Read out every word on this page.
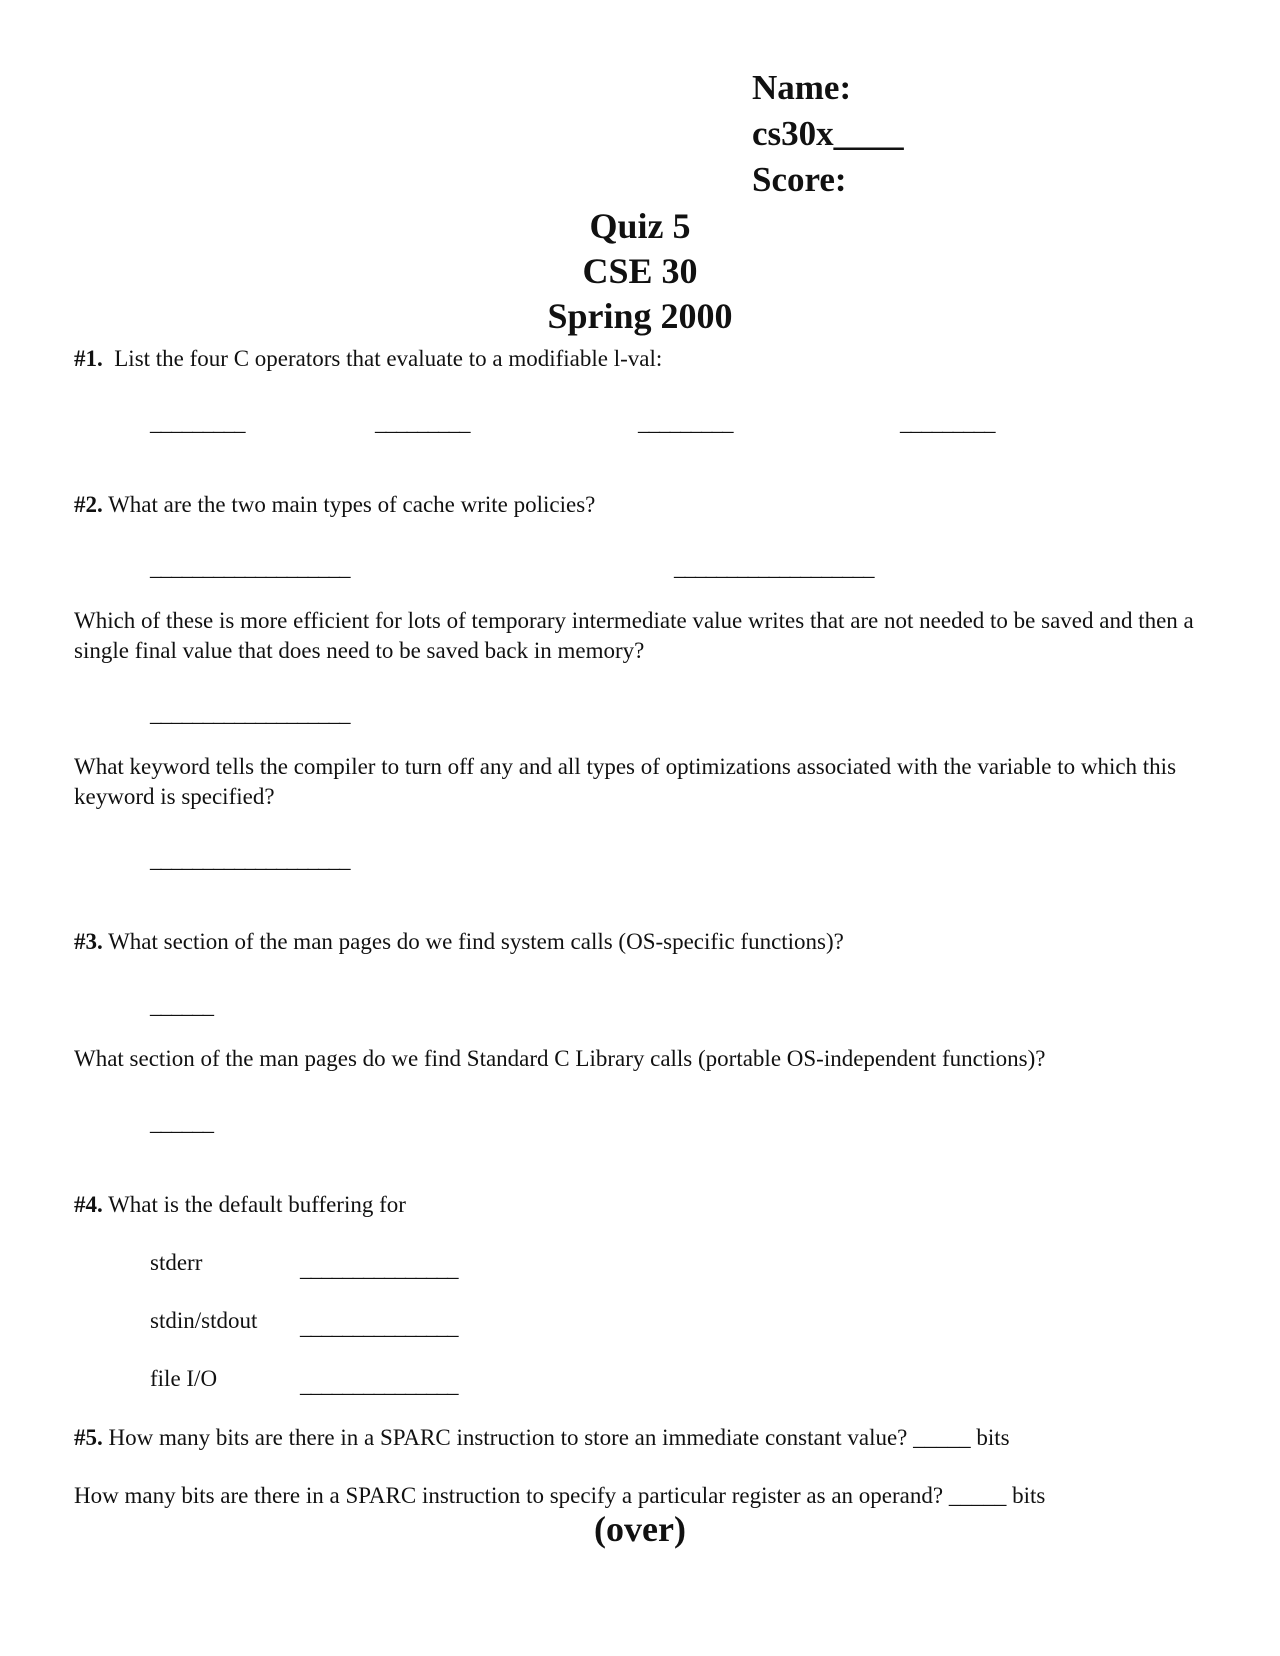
Name:
cs30x____
Score:
Quiz 5
CSE 30
Spring 2000
#1. List the four C operators that evaluate to a modifiable l-val:
_________	_________	_________	_________
#2. What are the two main types of cache write policies?
___________________	___________________
Which of these is more efficient for lots of temporary intermediate value writes that are not needed to be saved and then a single final value that does need to be saved back in memory?
___________________
What keyword tells the compiler to turn off any and all types of optimizations associated with the variable to which this keyword is specified?
___________________
#3. What section of the man pages do we find system calls (OS-specific functions)?
______
What section of the man pages do we find Standard C Library calls (portable OS-independent functions)?
______
#4. What is the default buffering for
stderr	_______________
stdin/stdout _______________
file I/O	_______________
#5. How many bits are there in a SPARC instruction to store an immediate constant value? _____ bits
How many bits are there in a SPARC instruction to specify a particular register as an operand? _____ bits
(over)
